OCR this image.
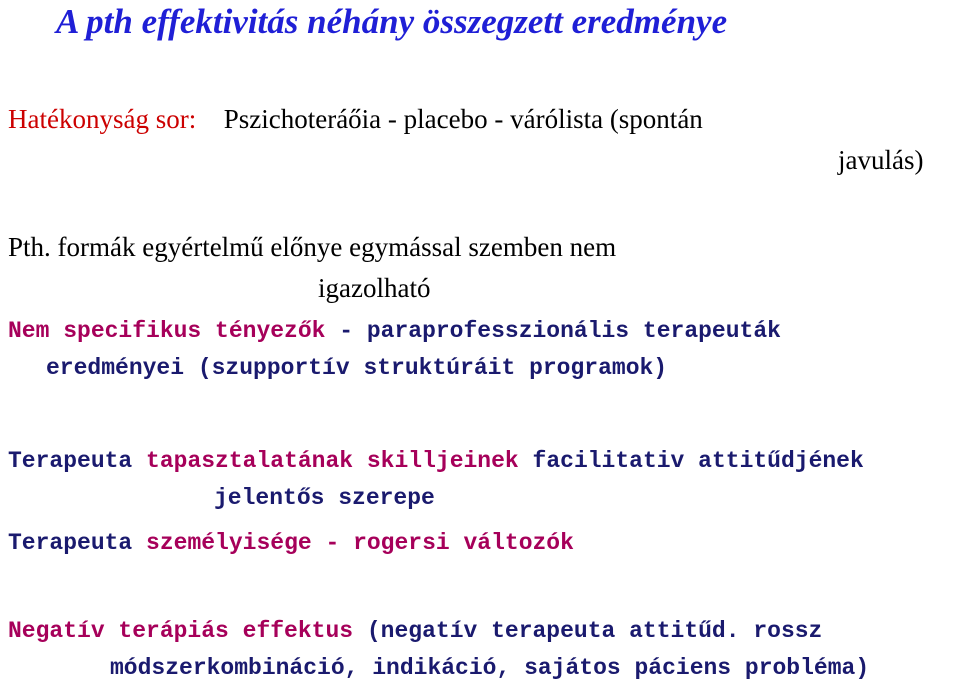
A pth effektivitás néhány összegzett eredménye
Hatékonyság sor: Pszichoteráőia - placebo - várólista (spontán
javulás)
Pth. formák egyértelmű előnye egymással szemben nem
igazolható
Nem specifikus tényezők - paraprofesszionális terapeuták
eredményei (szupportív struktúráit programok)
Terapeuta tapasztalatának skilljeinek facilitativ attitűdjének
jelentős szerepe
Terapeuta személyisége - rogersi változók
Negatív terápiás effektus (negatív terapeuta attitűd. rossz
módszerkombináció, indikáció, sajátos páciens probléma)
